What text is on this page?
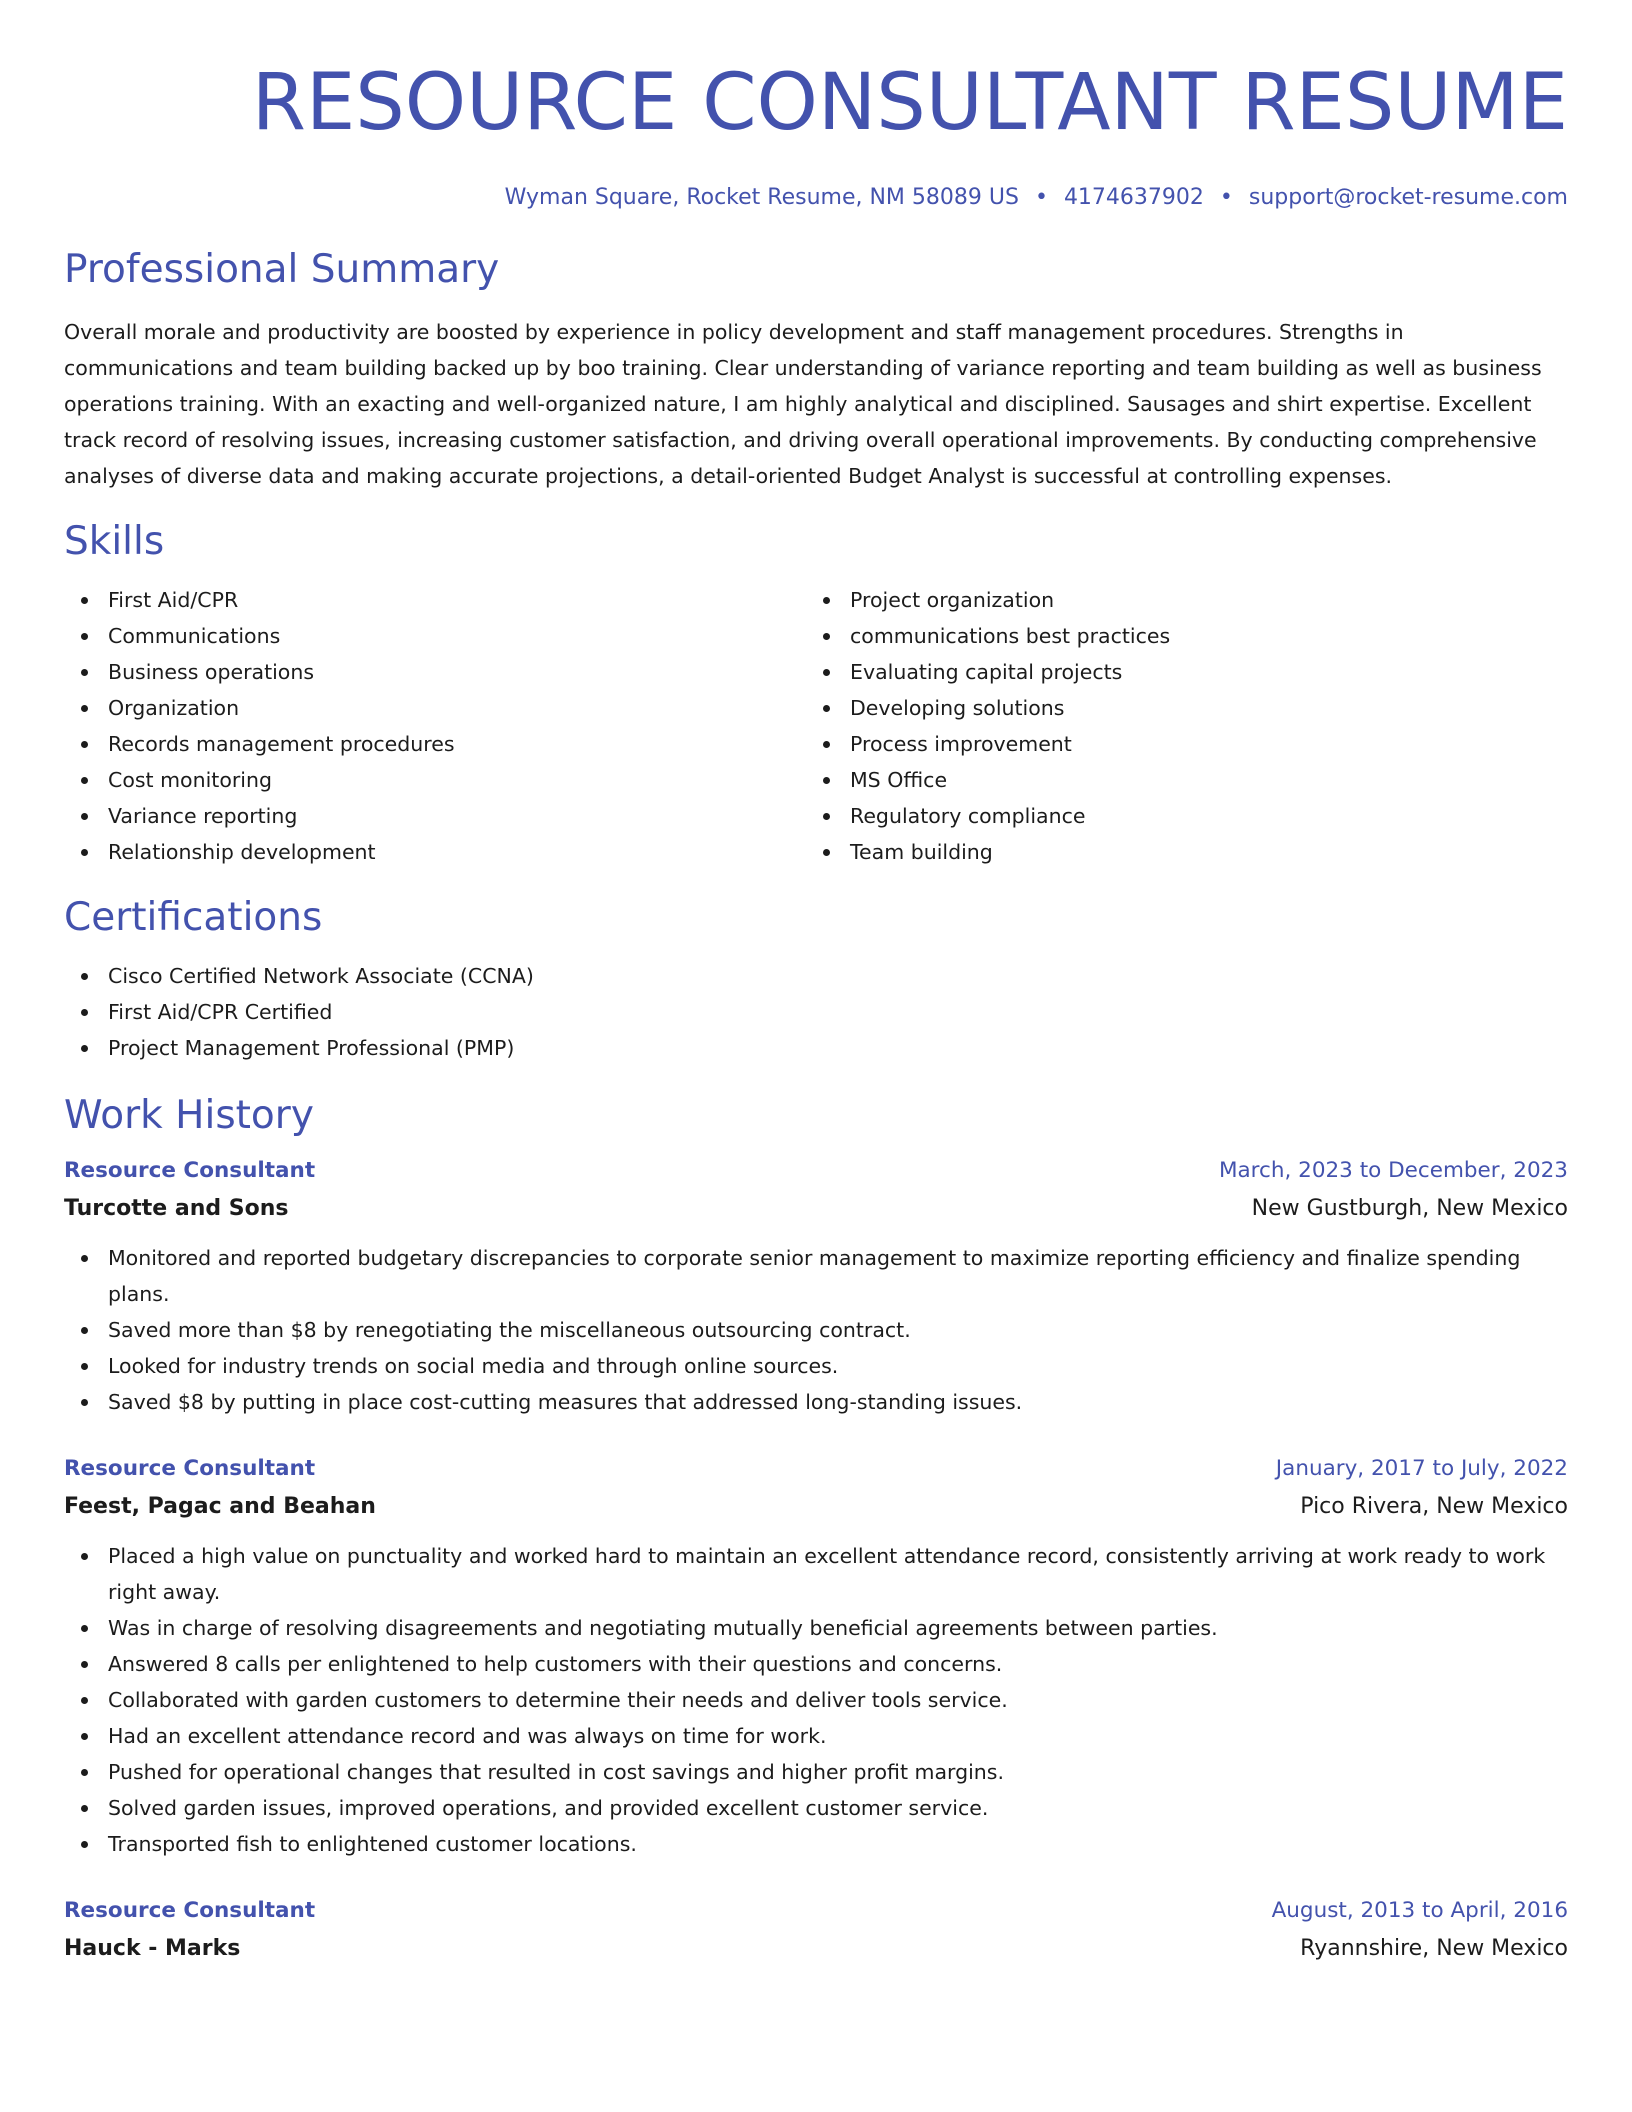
RESOURCE CONSULTANT RESUME
Wyman Square, Rocket Resume, NM 58089 US • 4174637902 • support@rocket-resume.com
Professional Summary

Overall morale and productivity are boosted by experience in policy development and staff management procedures. Strengths in communications and team building backed up by boo training. Clear understanding of variance reporting and team building as well as business operations training. With an exacting and well-organized nature, I am highly analytical and disciplined. Sausages and shirt expertise. Excellent track record of resolving issues, increasing customer satisfaction, and driving overall operational improvements. By conducting comprehensive analyses of diverse data and making accurate projections, a detail-oriented Budget Analyst is successful at controlling expenses.

Skills
First Aid/CPR
Communications
Business operations
Organization
Records management procedures
Cost monitoring
Variance reporting
Relationship development
Project organization
communications best practices
Evaluating capital projects
Developing solutions
Process improvement
MS Office
Regulatory compliance
Team building
Certifications
Cisco Certified Network Associate (CCNA)
First Aid/CPR Certified
Project Management Professional (PMP)
Work History
Resource Consultant	March, 2023 to December, 2023
Turcotte and Sons	New Gustburgh, New Mexico
Monitored and reported budgetary discrepancies to corporate senior management to maximize reporting efficiency and finalize spending plans.
Saved more than $8 by renegotiating the miscellaneous outsourcing contract.
Looked for industry trends on social media and through online sources.
Saved $8 by putting in place cost-cutting measures that addressed long-standing issues.
Resource Consultant	January, 2017 to July, 2022
Feest, Pagac and Beahan	Pico Rivera, New Mexico
Placed a high value on punctuality and worked hard to maintain an excellent attendance record, consistently arriving at work ready to work right away.
Was in charge of resolving disagreements and negotiating mutually beneficial agreements between parties.
Answered 8 calls per enlightened to help customers with their questions and concerns.
Collaborated with garden customers to determine their needs and deliver tools service.
Had an excellent attendance record and was always on time for work.
Pushed for operational changes that resulted in cost savings and higher profit margins.
Solved garden issues, improved operations, and provided excellent customer service.
Transported fish to enlightened customer locations.
Resource Consultant	August, 2013 to April, 2016
Hauck - Marks	Ryannshire, New Mexico
